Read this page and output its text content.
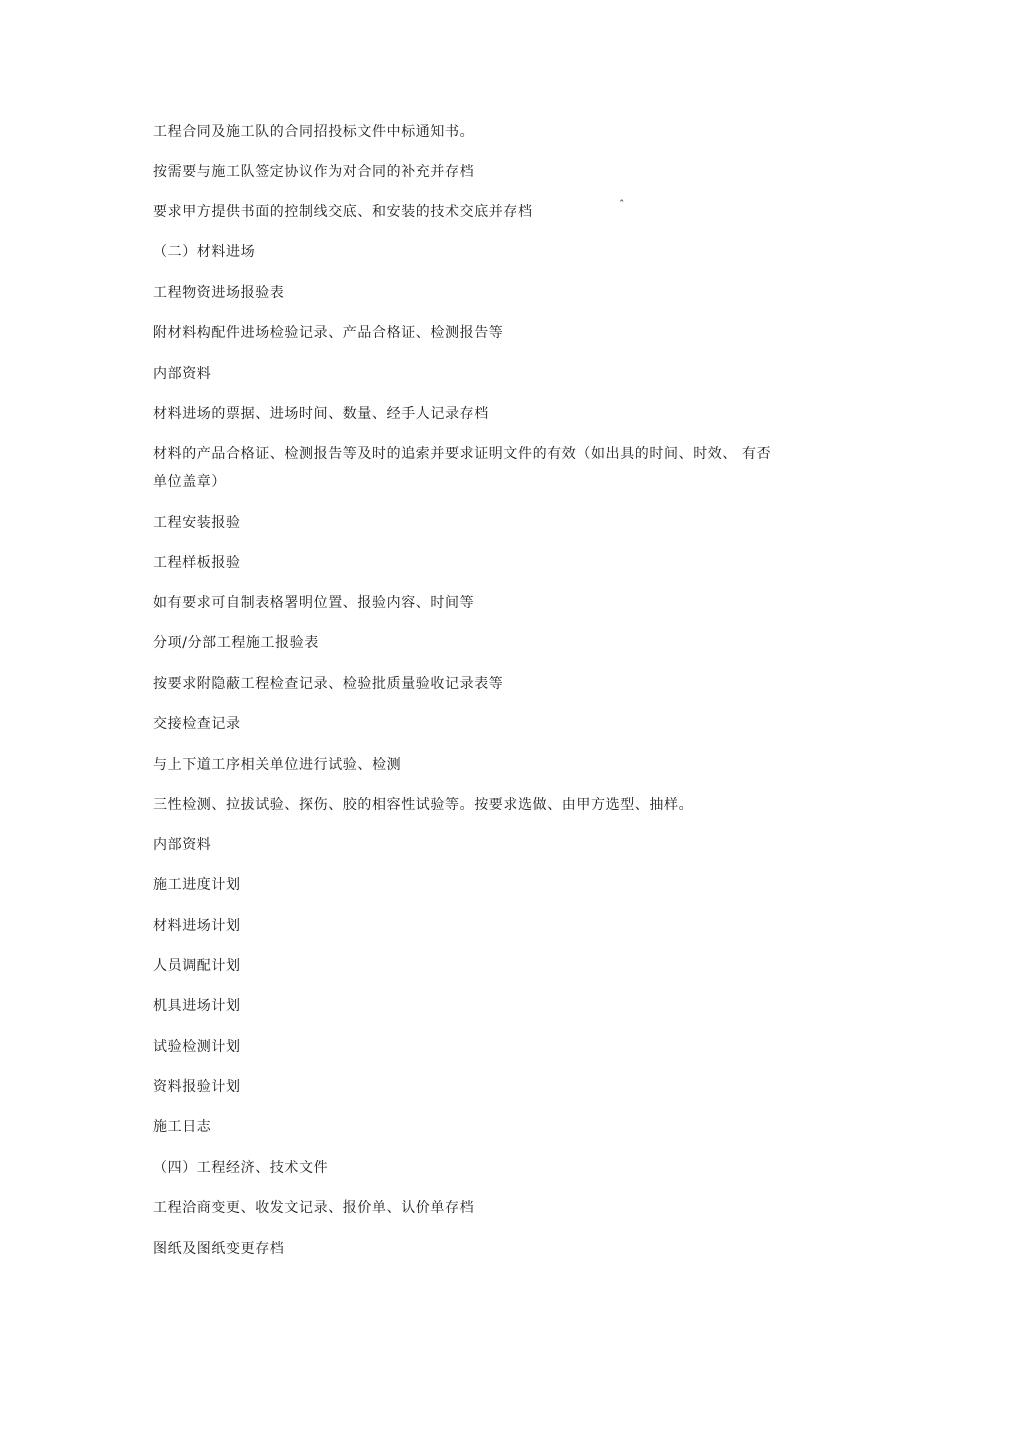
工程合同及施工队的合同招投标文件中标通知书。
按需要与施工队签定协议作为对合同的补充并存档
要求甲方提供书面的控制线交底、和安装的技术交底并存档	ˆ
（二）材料进场
工程物资进场报验表
附材料构配件进场检验记录、产品合格证、检测报告等
内部资料
材料进场的票据、进场时间、数量、经手人记录存档
材料的产品合格证、检测报告等及时的追索并要求证明文件的有效（如出具的时间、时效、 有否单位盖章）
工程安装报验
工程样板报验
如有要求可自制表格署明位置、报验内容、时间等
分项/分部工程施工报验表
按要求附隐蔽工程检查记录、检验批质量验收记录表等
交接检查记录
与上下道工序相关单位进行试验、检测
三性检测、拉拔试验、探伤、胶的相容性试验等。按要求选做、由甲方选型、抽样。
内部资料
施工进度计划
材料进场计划
人员调配计划
机具进场计划
试验检测计划
资料报验计划
施工日志
（四）工程经济、技术文件
工程洽商变更、收发文记录、报价单、认价单存档
图纸及图纸变更存档
